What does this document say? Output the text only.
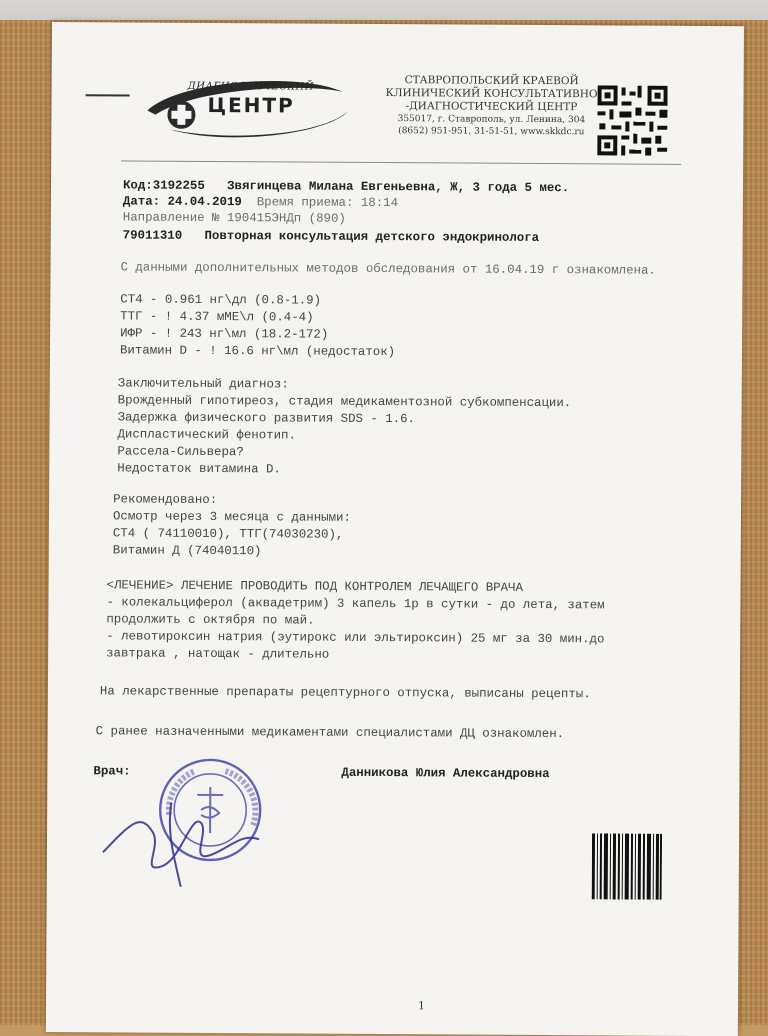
ДИАГНОСТИЧЕСКИЙ
ЦЕНТР
СТАВРОПОЛЬСКИЙ КРАЕВОЙ
КЛИНИЧЕСКИЙ КОНСУЛЬТАТИВНО
-ДИАГНОСТИЧЕСКИЙ ЦЕНТР
355017, г. Ставрополь, ул. Ленина, 304
(8652) 951-951, 31-51-51, www.skkdc.ru
Код:3192255 Звягинцева Милана Евгеньевна, Ж, 3 года 5 мес.
Дата: 24.04.2019 Время приема: 18:14
Направление № 190415ЭНДп (890)
79011310 Повторная консультация детского эндокринолога
С данными дополнительных методов обследования от 16.04.19 г ознакомлена.
СТ4 - 0.961 нг\дл (0.8-1.9)
ТТГ - ! 4.37 мМЕ\л (0.4-4)
ИФР - ! 243 нг\мл (18.2-172)
Витамин D - ! 16.6 нг\мл (недостаток)
Заключительный диагноз:
Врожденный гипотиреоз, стадия медикаментозной субкомпенсации.
Задержка физического развития SDS - 1.6.
Диспластический фенотип.
Рассела-Сильвера?
Недостаток витамина D.
Рекомендовано:
Осмотр через 3 месяца с данными:
СТ4 ( 74110010), ТТГ(74030230),
Витамин Д (74040110)
<ЛЕЧЕНИЕ> ЛЕЧЕНИЕ ПРОВОДИТЬ ПОД КОНТРОЛЕМ ЛЕЧАЩЕГО ВРАЧА
- колекальциферол (аквадетрим) 3 капель 1р в сутки - до лета, затем
продолжить с октября по май.
- левотироксин натрия (эутирокс или эльтироксин) 25 мг за 30 мин.до
завтрака , натощак - длительно
На лекарственные препараты рецептурного отпуска, выписаны рецепты.
С ранее назначенными медикаментами специалистами ДЦ ознакомлен.
Врач:	Данникова Юлия Александровна
1
